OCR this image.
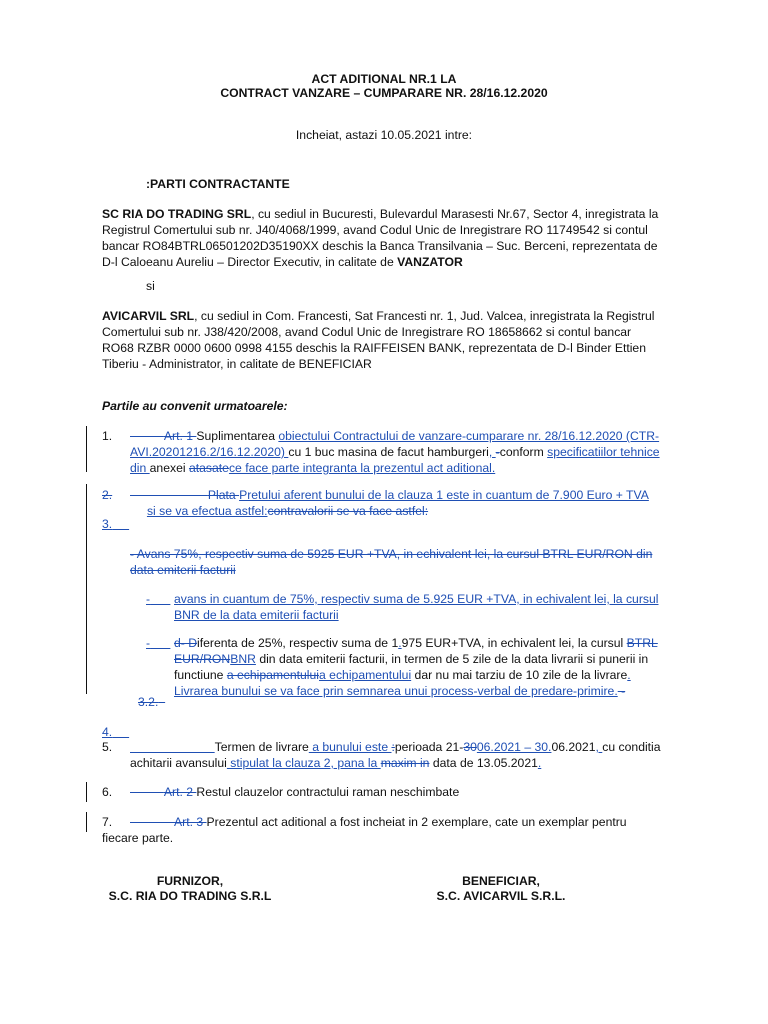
ACT ADITIONAL NR.1 LA
CONTRACT VANZARE – CUMPARARE NR. 28/16.12.2020
Incheiat, astazi 10.05.2021 intre:
:PARTI CONTRACTANTE
SC RIA DO TRADING SRL, cu sediul in Bucuresti, Bulevardul Marasesti Nr.67, Sector 4, inregistrata la
Registrul Comertului sub nr. J40/4068/1999, avand Codul Unic de Inregistrare RO 11749542 si contul
bancar RO84BTRL06501202D35190XX deschis la Banca Transilvania – Suc. Berceni, reprezentata de
D-l Caloeanu Aureliu – Director Executiv, in calitate de VANZATOR
si
AVICARVIL SRL, cu sediul in Com. Francesti, Sat Francesti nr. 1, Jud. Valcea, inregistrata la Registrul
Comertului sub nr. J38/420/2008, avand Codul Unic de Inregistrare RO 18658662 si contul bancar
RO68 RZBR 0000 0600 0998 4155 deschis la RAIFFEISEN BANK, reprezentata de D-l Binder Ettien
Tiberiu - Administrator, in calitate de BENEFICIAR
Partile au convenit urmatoarele:
1.	Art. 1 Suplimentarea obiectului Contractului de vanzare-cumparare nr. 28/16.12.2020 (CTR-
AVI.20201216.2/16.12.2020) cu 1 buc masina de facut hamburgeri, -conform specificatiilor tehnice
din anexei atasatece face parte integranta la prezentul act aditional.
2.	Plata Pretului aferent bunului de la clauza 1 este in cuantum de 7.900 Euro + TVA
si se va efectua astfel:contravalorii se va face astfel:
3.
- Avans 75%, respectiv suma de 5925 EUR +TVA, in echivalent lei, la cursul BTRL EUR/RON din
data emiterii facturii
-	avans in cuantum de 75%, respectiv suma de 5.925 EUR +TVA, in echivalent lei, la cursul
BNR de la data emiterii facturii
-	d- Diferenta de 25%, respectiv suma de 1.975 EUR+TVA, in echivalent lei, la cursul BTRL
EUR/RONBNR din data emiterii facturii, in termen de 5 zile de la data livrarii si punerii in
functiune a echipamentuluia echipamentului dar nu mai tarziu de 10 zile de la livrare.
Livrarea bunului se va face prin semnarea unui process-verbal de predare-primire. -
3.2.
4.
5.	Termen de livrare a bunului este :perioada 21-3006.2021 – 30.06.2021, cu conditia
achitarii avansului stipulat la clauza 2, pana la maxim in data de 13.05.2021.
6.	Art. 2 Restul clauzelor contractului raman neschimbate
7.	Art. 3 Prezentul act aditional a fost incheiat in 2 exemplare, cate un exemplar pentru
fiecare parte.
FURNIZOR,
S.C. RIA DO TRADING S.R.L
BENEFICIAR,
S.C. AVICARVIL S.R.L.
